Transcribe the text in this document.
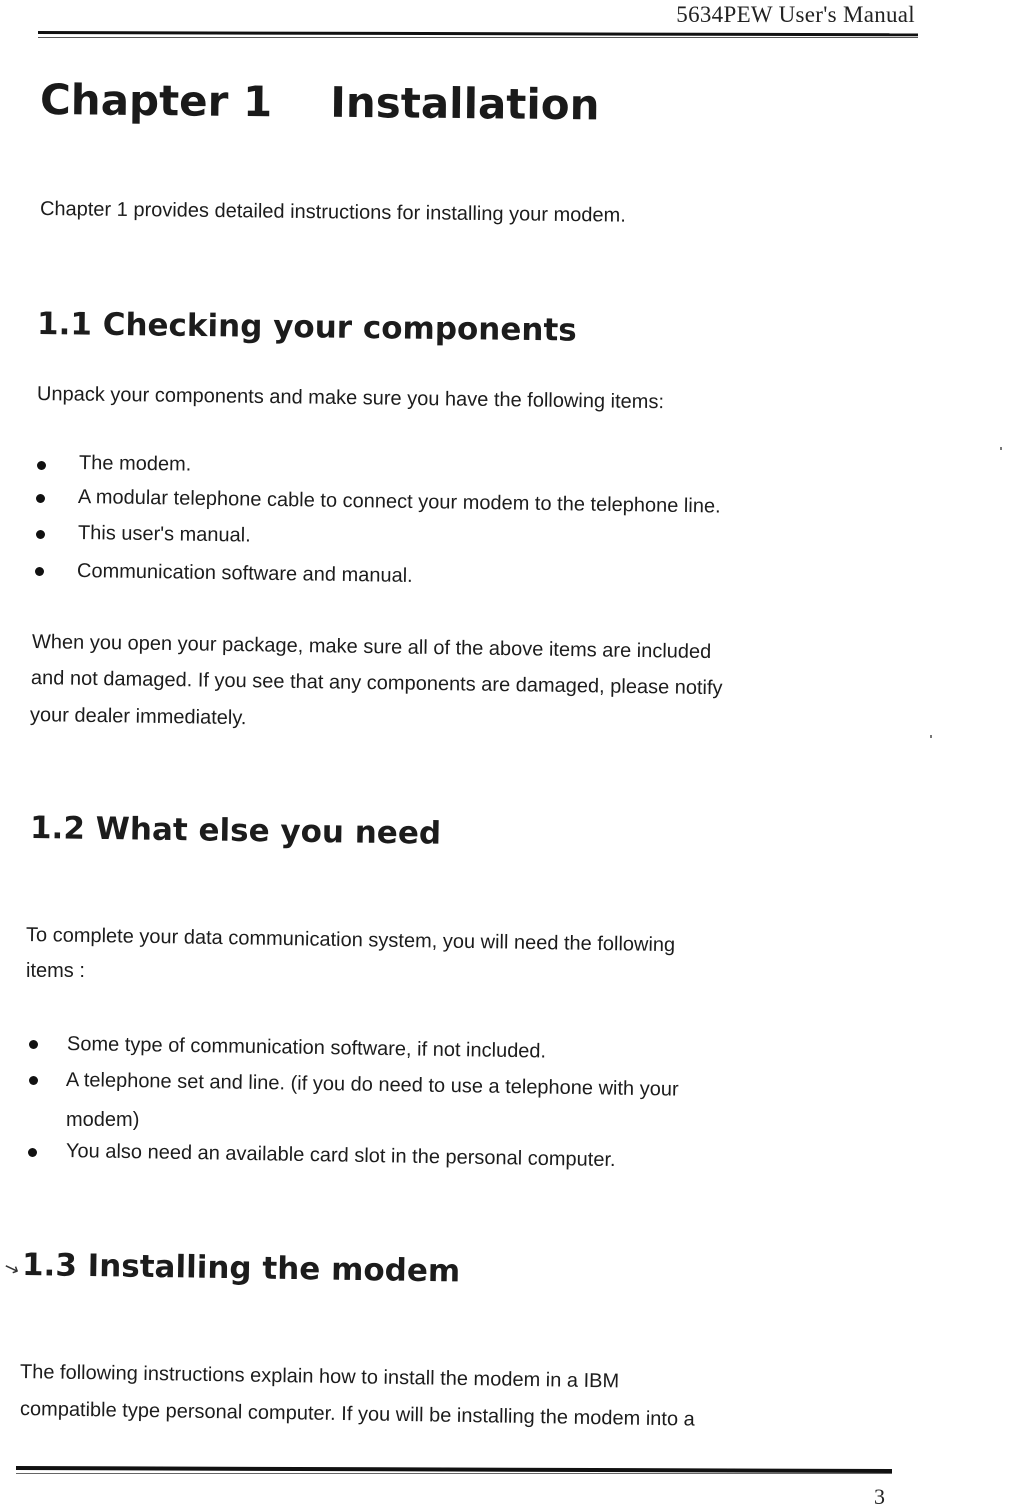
5634PEW User's Manual
Chapter 1 Installation
Chapter 1 provides detailed instructions for installing your modem.
1.1 Checking your components
Unpack your components and make sure you have the following items:
The modem.
A modular telephone cable to connect your modem to the telephone line.
This user's manual.
Communication software and manual.
When you open your package, make sure all of the above items are included
and not damaged. If you see that any components are damaged, please notify
your dealer immediately.
1.2 What else you need
To complete your data communication system, you will need the following
items :
Some type of communication software, if not included.
A telephone set and line. (if you do need to use a telephone with your
modem)
You also need an available card slot in the personal computer.
↘ 1.3 Installing the modem
The following instructions explain how to install the modem in a IBM
compatible type personal computer. If you will be installing the modem into a
3
